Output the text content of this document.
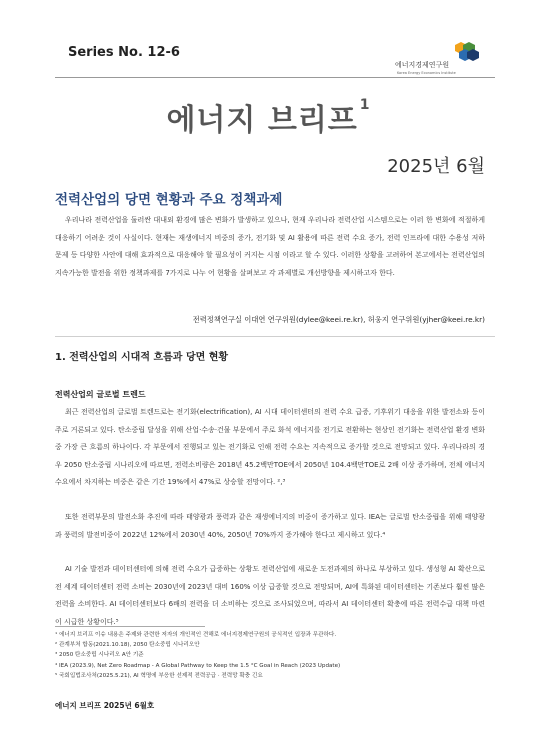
Series No. 12-6
에너지경제연구원
Korea Energy Economics Institute
에너지 브리프 $^1$
2025년 6월
전력산업의 당면 현황과 주요 정책과제
우리나라 전력산업을 둘러싼 대내외 환경에 많은 변화가 발생하고 있으나, 현재 우리나라 전력산업 시스템으로는 이러 한 변화에 적절하게 대응하기 어려운 것이 사실이다. 현재는 재생에너지 비중의 증가, 전기화 및 AI 활용에 따른 전력 수요 증가, 전력 인프라에 대한 수용성 저하 문제 등 다양한 사안에 대해 효과적으로 대응해야 할 필요성이 커지는 시점 이라고 할 수 있다. 이러한 상황을 고려하여 본고에서는 전력산업의 지속가능한 발전을 위한 정책과제를 7가지로 나누 어 현황을 살펴보고 각 과제별로 개선방향을 제시하고자 한다.
전력정책연구실 이대연 연구위원(dylee@keei.re.kr), 허웅지 연구위원(yjher@keei.re.kr)
1. 전력산업의 시대적 흐름과 당면 현황
전력산업의 글로벌 트렌드
최근 전력산업의 글로벌 트렌드로는 전기화(electrification), AI 시대 데이터센터의 전력 수요 급증, 기후위기 대응을 위한 발전소와 등이 주로 거론되고 있다. 탄소중립 달성을 위해 산업·수송·건물 부문에서 주로 화석 에너지를 전기로 전환하는 현상인 전기화는 전력산업 환경 변화 중 가장 큰 흐름의 하나이다. 각 부문에서 진행되고 있는 전기화로 인해 전력 수요는 지속적으로 증가할 것으로 전망되고 있다. 우리나라의 경우 2050 탄소중립 시나리오에 따르면, 전력소비량은 2018년 45.2백만TOE에서 2050년 104.4백만TOE로 2배 이상 증가하며, 전체 에너지수요에서 차지하는 비중은 같은 기간 19%에서 47%로 상승할 전망이다. ²,³
또한 전력부문의 발전소화 추진에 따라 태양광과 풍력과 같은 재생에너지의 비중이 증가하고 있다. IEA는 글로벌 탄소중립을 위해 태양광과 풍력의 발전비중이 2022년 12%에서 2030년 40%, 2050년 70%까지 증가해야 한다고 제시하고 있다.⁴
AI 기술 발전과 데이터센터에 의해 전력 수요가 급증하는 상황도 전력산업에 새로운 도전과제의 하나로 부상하고 있다. 생성형 AI 확산으로 전 세계 데이터센터 전력 소비는 2030년에 2023년 대비 160% 이상 급증할 것으로 전망되며, AI에 특화된 데이터센터는 기존보다 훨씬 많은 전력을 소비한다. AI 데이터센터보다 6배의 전력을 더 소비하는 것으로 조사되었으며, 따라서 AI 데이터센터 확충에 따른 전력수급 대책 마련이 시급한 상황이다.⁵
¹ 에너지 브리프 이슈 내용은 주제와 관련한 저자의 개인적인 견해로 에너지경제연구원의 공식적인 입장과 무관하다.
² 관계부처 합동(2021.10.18), 2050 탄소중립 시나리오안
³ 2050 탄소중립 시나리오 A안 기준
⁴ IEA (2023.9), Net Zero Roadmap - A Global Pathway to Keep the 1.5 °C Goal in Reach (2023 Update)
⁵ 국회입법조사처(2025.5.21), AI 혁명에 부응한 선제적 전력공급 · 전력망 확충 긴요
에너지 브리프 2025년 6월호
